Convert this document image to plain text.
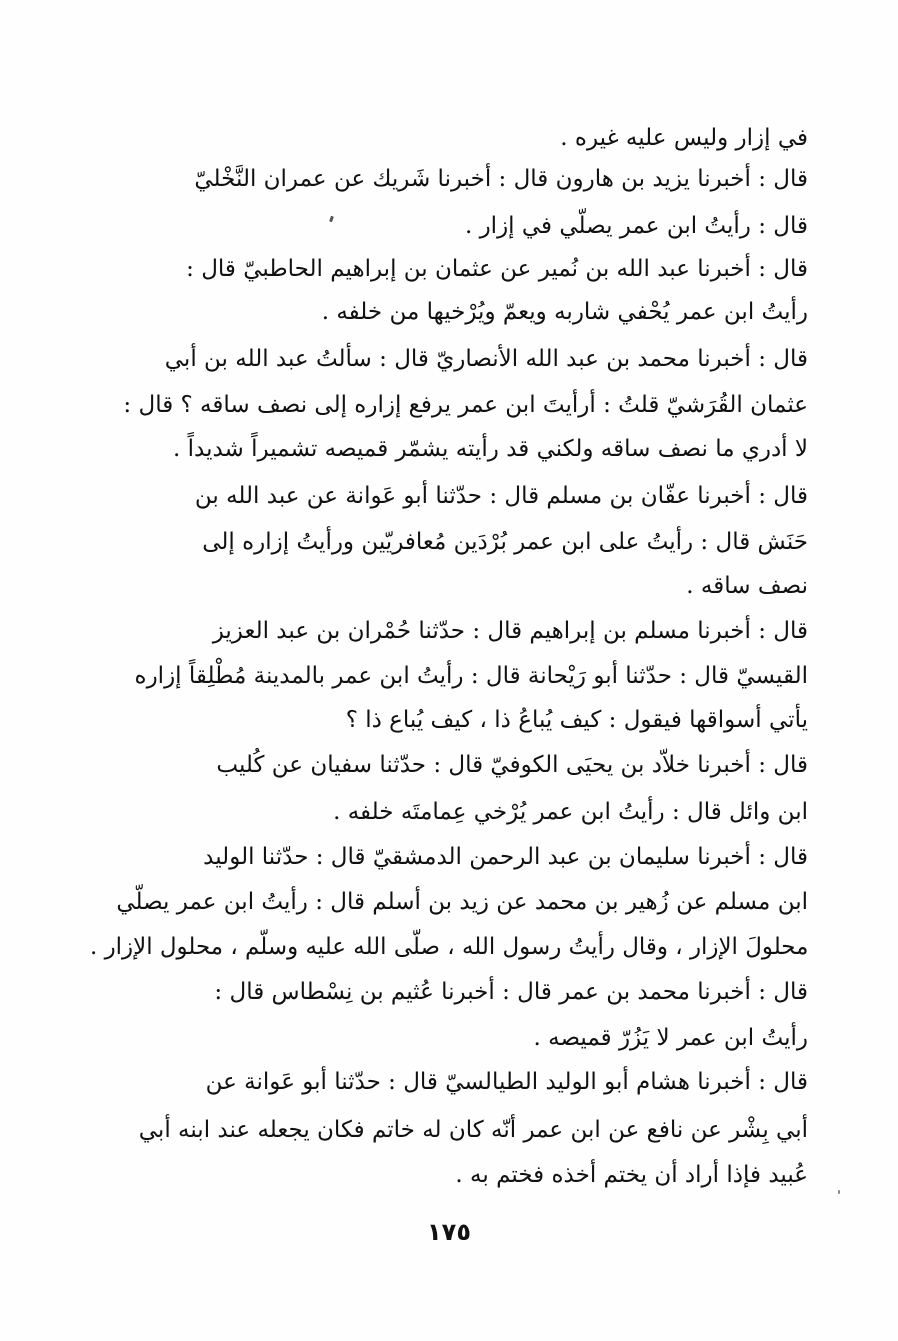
في إزار وليس عليه غيره .
قال : أخبرنا يزيد بن هارون قال : أخبرنا شَريك عن عمران النَّخْليّ
قال : رأيتُ ابن عمر يصلّي في إزار .
قال : أخبرنا عبد الله بن نُمير عن عثمان بن إبراهيم الحاطبيّ قال :
رأيتُ ابن عمر يُحْفي شاربه ويعمّ ويُرْخيها من خلفه .
قال : أخبرنا محمد بن عبد الله الأنصاريّ قال : سألتُ عبد الله بن أبي
عثمان القُرَشيّ قلتُ : أرأيتَ ابن عمر يرفع إزاره إلى نصف ساقه ؟ قال :
لا أدري ما نصف ساقه ولكني قد رأيته يشمّر قميصه تشميراً شديداً .
قال : أخبرنا عفّان بن مسلم قال : حدّثنا أبو عَوانة عن عبد الله بن
حَنَش قال : رأيتُ على ابن عمر بُرْدَين مُعافريّين ورأيتُ إزاره إلى
نصف ساقه .
قال : أخبرنا مسلم بن إبراهيم قال : حدّثنا حُمْران بن عبد العزيز
القيسيّ قال : حدّثنا أبو رَيْحانة قال : رأيتُ ابن عمر بالمدينة مُطْلِقاً إزاره
يأتي أسواقها فيقول : كيف يُباعُ ذا ، كيف يُباع ذا ؟
قال : أخبرنا خلاّد بن يحيَى الكوفيّ قال : حدّثنا سفيان عن كُليب
ابن وائل قال : رأيتُ ابن عمر يُرْخي عِمامتَه خلفه .
قال : أخبرنا سليمان بن عبد الرحمن الدمشقيّ قال : حدّثنا الوليد
ابن مسلم عن زُهير بن محمد عن زيد بن أسلم قال : رأيتُ ابن عمر يصلّي
محلولَ الإزار ، وقال رأيتُ رسول الله ، صلّى الله عليه وسلّم ، محلول الإزار .
قال : أخبرنا محمد بن عمر قال : أخبرنا عُثيم بن نِسْطاس قال :
رأيتُ ابن عمر لا يَزُرّ قميصه .
قال : أخبرنا هشام أبو الوليد الطيالسيّ قال : حدّثنا أبو عَوانة عن
أبي بِشْر عن نافع عن ابن عمر أنّه كان له خاتم فكان يجعله عند ابنه أبي
عُبيد فإذا أراد أن يختم أخذه فختم به .
١٧٥
